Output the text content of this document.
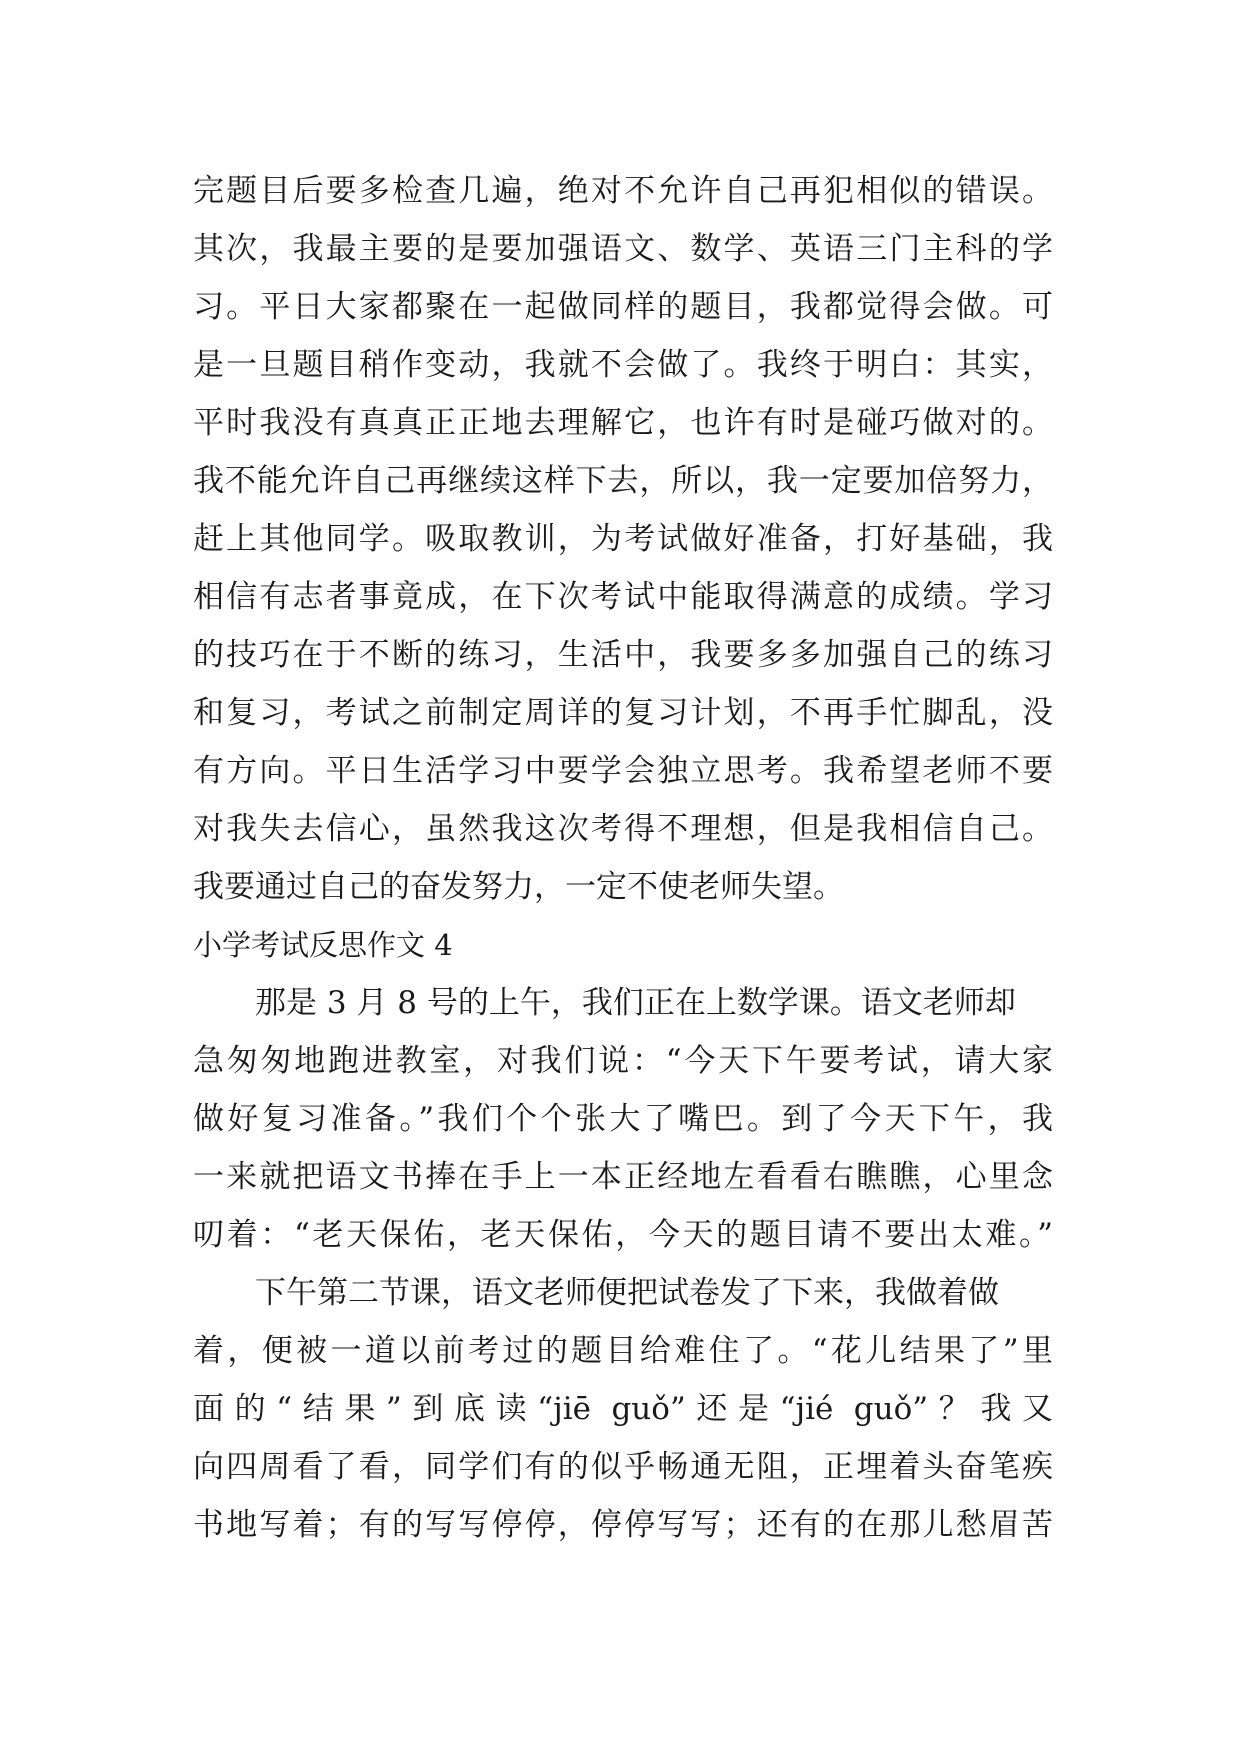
完题目后要多检查几遍，绝对不允许自己再犯相似的错误。
其次，我最主要的是要加强语文、数学、英语三门主科的学
习。平日大家都聚在一起做同样的题目，我都觉得会做。可
是一旦题目稍作变动，我就不会做了。我终于明白：其实，
平时我没有真真正正地去理解它，也许有时是碰巧做对的。
我不能允许自己再继续这样下去，所以，我一定要加倍努力，
赶上其他同学。吸取教训，为考试做好准备，打好基础，我
相信有志者事竟成，在下次考试中能取得满意的成绩。学习
的技巧在于不断的练习，生活中，我要多多加强自己的练习
和复习，考试之前制定周详的复习计划，不再手忙脚乱，没
有方向。平日生活学习中要学会独立思考。我希望老师不要
对我失去信心，虽然我这次考得不理想，但是我相信自己。
我要通过自己的奋发努力，一定不使老师失望。
小学考试反思作文 4
那是 3 月 8 号的上午，我们正在上数学课。语文老师却
急匆匆地跑进教室，对我们说：“今天下午要考试，请大家
做好复习准备。”我们个个张大了嘴巴。到了今天下午，我
一来就把语文书捧在手上一本正经地左看看右瞧瞧，心里念
叨着：“老天保佑，老天保佑，今天的题目请不要出太难。”
下午第二节课，语文老师便把试卷发了下来，我做着做
着，便被一道以前考过的题目给难住了。“花儿结果了”里
面的“结果”到底读“jiē guǒ”还是“jié guǒ”？我又
向四周看了看，同学们有的似乎畅通无阻，正埋着头奋笔疾
书地写着；有的写写停停，停停写写；还有的在那儿愁眉苦
